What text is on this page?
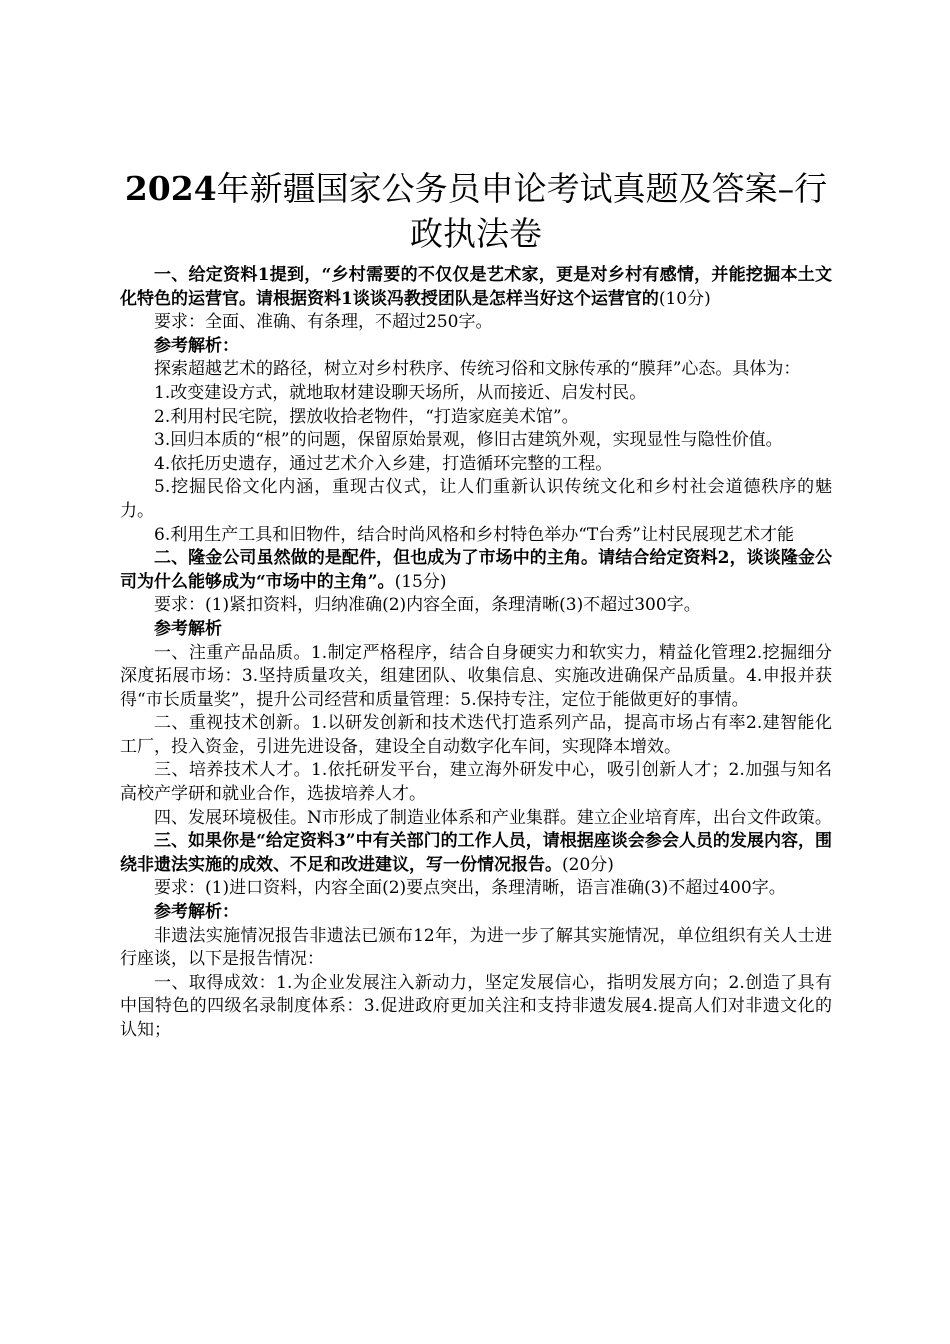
2024年新疆国家公务员申论考试真题及答案–行政执法卷

一、给定资料1提到，“乡村需要的不仅仅是艺术家，更是对乡村有感情，并能挖掘本土文化特色的运营官。请根据资料1谈谈冯教授团队是怎样当好这个运营官的(10分)

要求：全面、准确、有条理，不超过250字。

参考解析：

探索超越艺术的路径，树立对乡村秩序、传统习俗和文脉传承的“膜拜”心态。具体为：

1.改变建设方式，就地取材建设聊天场所，从而接近、启发村民。

2.利用村民宅院，摆放收拾老物件，“打造家庭美术馆”。

3.回归本质的“根”的问题，保留原始景观，修旧古建筑外观，实现显性与隐性价值。

4.依托历史遗存，通过艺术介入乡建，打造循环完整的工程。

5.挖掘民俗文化内涵，重现古仪式，让人们重新认识传统文化和乡村社会道德秩序的魅力。

6.利用生产工具和旧物件，结合时尚风格和乡村特色举办“T台秀”让村民展现艺术才能

二、隆金公司虽然做的是配件，但也成为了市场中的主角。请结合给定资料2，谈谈隆金公司为什么能够成为“市场中的主角”。(15分)

要求：(1)紧扣资料，归纳准确(2)内容全面，条理清晰(3)不超过300字。

参考解析

一、注重产品品质。1.制定严格程序，结合自身硬实力和软实力，精益化管理2.挖掘细分深度拓展市场：3.坚持质量攻关，组建团队、收集信息、实施改进确保产品质量。4.申报并获得“市长质量奖”，提升公司经营和质量管理：5.保持专注，定位于能做更好的事情。

二、重视技术创新。1.以研发创新和技术迭代打造系列产品，提高市场占有率2.建智能化工厂，投入资金，引进先进设备，建设全自动数字化车间，实现降本增效。

三、培养技术人才。1.依托研发平台，建立海外研发中心，吸引创新人才；2.加强与知名高校产学研和就业合作，选拔培养人才。

四、发展环境极佳。N市形成了制造业体系和产业集群。建立企业培育库，出台文件政策。

三、如果你是“给定资料3”中有关部门的工作人员，请根据座谈会参会人员的发展内容，围绕非遗法实施的成效、不足和改进建议，写一份情况报告。(20分)

要求：(1)进口资料，内容全面(2)要点突出，条理清晰，语言准确(3)不超过400字。

参考解析：

非遗法实施情况报告非遗法已颁布12年，为进一步了解其实施情况，单位组织有关人士进行座谈，以下是报告情况：

一、取得成效：1.为企业发展注入新动力，坚定发展信心，指明发展方向；2.创造了具有中国特色的四级名录制度体系：3.促进政府更加关注和支持非遗发展4.提高人们对非遗文化的认知；
